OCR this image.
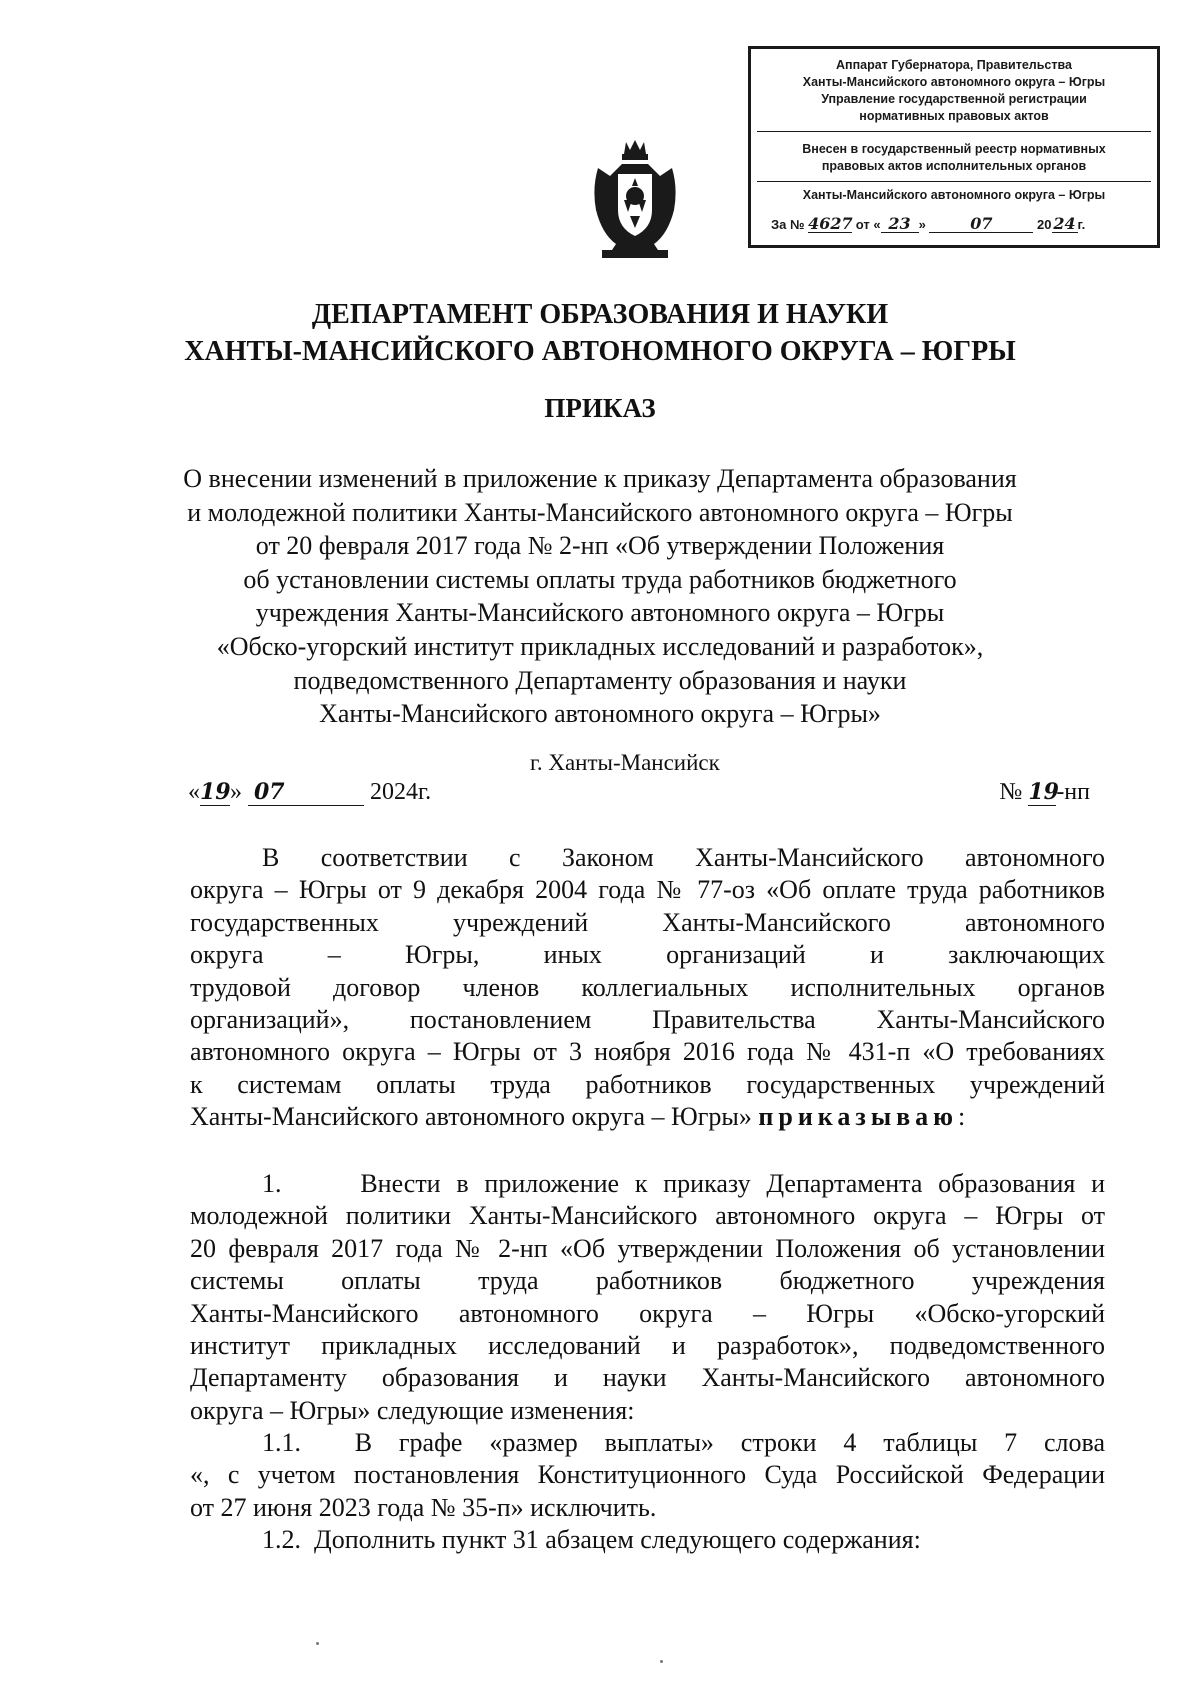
Аппарат Губернатора, Правительства
Ханты-Мансийского автономного округа – Югры
Управление государственной регистрации
нормативных правовых актов
Внесен в государственный реестр нормативных
правовых актов исполнительных органов
Ханты-Мансийского автономного округа – Югры
За № 4627 от « 23 »	07	20 24 г.
ДЕПАРТАМЕНТ ОБРАЗОВАНИЯ И НАУКИ
ХАНТЫ-МАНСИЙСКОГО АВТОНОМНОГО ОКРУГА – ЮГРЫ
ПРИКАЗ
О внесении изменений в приложение к приказу Департамента образования
и молодежной политики Ханты-Мансийского автономного округа – Югры
от 20 февраля 2017 года № 2-нп «Об утверждении Положения
об установлении системы оплаты труда работников бюджетного
учреждения Ханты-Мансийского автономного округа – Югры
«Обско-угорский институт прикладных исследований и разработок»,
подведомственного Департаменту образования и науки
Ханты-Мансийского автономного округа – Югры»
г. Ханты-Мансийск
«19» 07	2024г.	№ 19-нп
В соответствии с Законом Ханты-Мансийского автономного
округа – Югры от 9 декабря 2004 года № 77-оз «Об оплате труда работников
государственных учреждений Ханты-Мансийского автономного
округа – Югры, иных организаций и заключающих
трудовой договор членов коллегиальных исполнительных органов
организаций», постановлением Правительства Ханты-Мансийского
автономного округа – Югры от 3 ноября 2016 года № 431-п «О требованиях
к системам оплаты труда работников государственных учреждений
Ханты-Мансийского автономного округа – Югры» приказываю:
1.     Внести в приложение к приказу Департамента образования и
молодежной политики Ханты-Мансийского автономного округа – Югры от
20 февраля 2017 года № 2-нп «Об утверждении Положения об установлении
системы оплаты труда работников бюджетного учреждения
Ханты-Мансийского автономного округа – Югры «Обско-угорский
институт прикладных исследований и разработок», подведомственного
Департаменту образования и науки Ханты-Мансийского автономного
округа – Югры» следующие изменения:
1.1.  В графе «размер выплаты» строки 4 таблицы 7 слова
«, с учетом постановления Конституционного Суда Российской Федерации
от 27 июня 2023 года № 35-п» исключить.
1.2.  Дополнить пункт 31 абзацем следующего содержания:
